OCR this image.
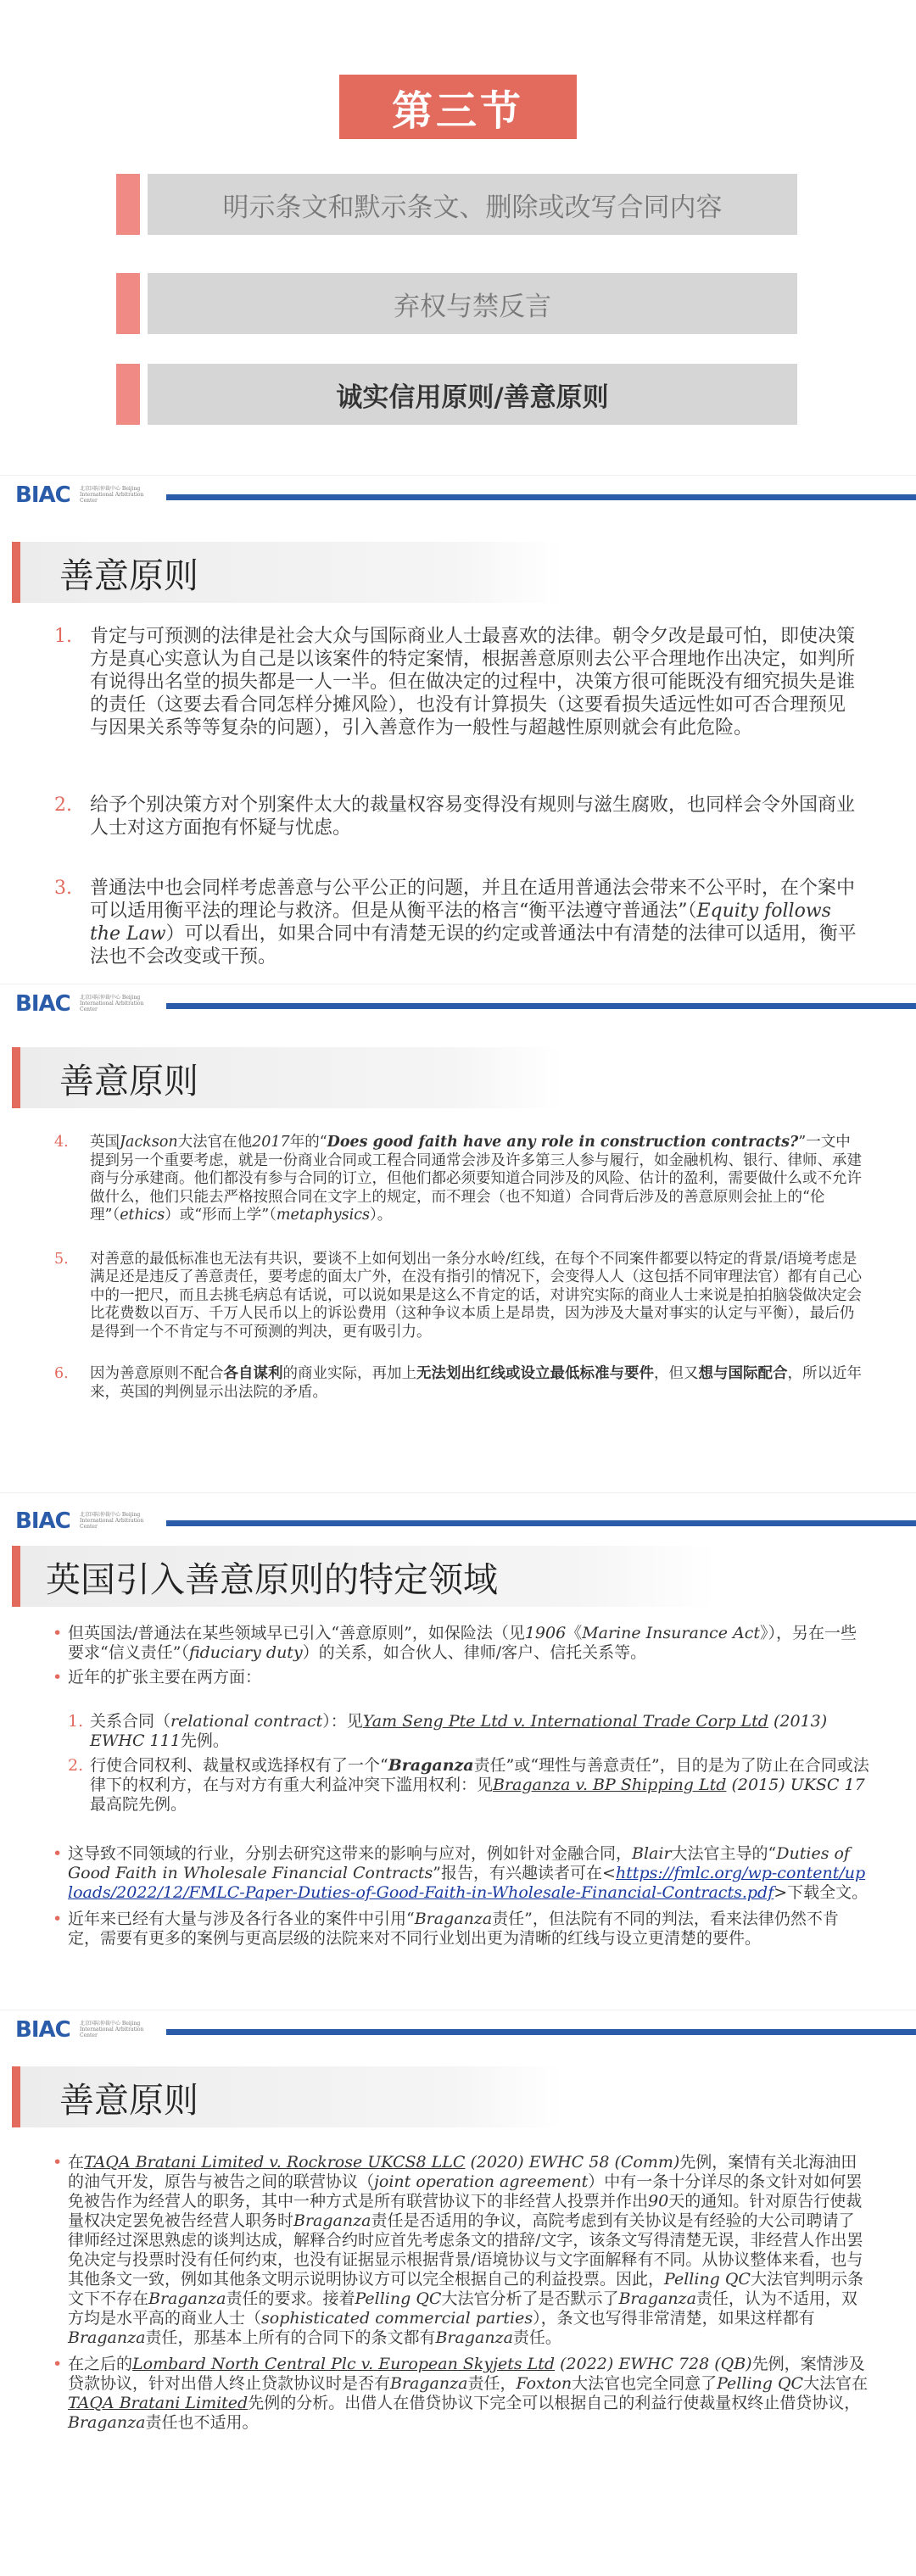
第三节
明示条文和默示条文、删除或改写合同内容
弃权与禁反言
诚实信用原则/善意原则
BIAC 北京国际仲裁中心 Beijing International Arbitration Center
善意原则
1. 肯定与可预测的法律是社会大众与国际商业人士最喜欢的法律。朝令夕改是最可怕，即使决策方是真心实意认为自己是以该案件的特定案情，根据善意原则去公平合理地作出决定，如判所有说得出名堂的损失都是一人一半。但在做决定的过程中，决策方很可能既没有细究损失是谁的责任（这要去看合同怎样分摊风险），也没有计算损失（这要看损失适远性如可否合理预见与因果关系等等复杂的问题），引入善意作为一般性与超越性原则就会有此危险。
2. 给予个别决策方对个别案件太大的裁量权容易变得没有规则与滋生腐败，也同样会令外国商业人士对这方面抱有怀疑与忧虑。
3. 普通法中也会同样考虑善意与公平公正的问题，并且在适用普通法会带来不公平时，在个案中可以适用衡平法的理论与救济。但是从衡平法的格言“衡平法遵守普通法”（Equity follows the Law）可以看出，如果合同中有清楚无误的约定或普通法中有清楚的法律可以适用，衡平法也不会改变或干预。
BIAC 北京国际仲裁中心 Beijing International Arbitration Center
善意原则
4. 英国Jackson大法官在他2017年的“Does good faith have any role in construction contracts?”一文中提到另一个重要考虑，就是一份商业合同或工程合同通常会涉及许多第三人参与履行，如金融机构、银行、律师、承建商与分承建商。他们都没有参与合同的订立，但他们都必须要知道合同涉及的风险、估计的盈利，需要做什么或不允许做什么，他们只能去严格按照合同在文字上的规定，而不理会（也不知道）合同背后涉及的善意原则会扯上的“伦理”（ethics）或“形而上学”（metaphysics）。
5. 对善意的最低标准也无法有共识，要谈不上如何划出一条分水岭/红线，在每个不同案件都要以特定的背景/语境考虑是满足还是违反了善意责任，要考虑的面太广外，在没有指引的情况下，会变得人人（这包括不同审理法官）都有自己心中的一把尺，而且去挑毛病总有话说，可以说如果是这么不肯定的话，对讲究实际的商业人士来说是拍拍脑袋做决定会比花费数以百万、千万人民币以上的诉讼费用（这种争议本质上是昂贵，因为涉及大量对事实的认定与平衡），最后仍是得到一个不肯定与不可预测的判决，更有吸引力。
6. 因为善意原则不配合各自谋利的商业实际，再加上无法划出红线或设立最低标准与要件，但又想与国际配合，所以近年来，英国的判例显示出法院的矛盾。
BIAC 北京国际仲裁中心 Beijing International Arbitration Center
英国引入善意原则的特定领域
• 但英国法/普通法在某些领域早已引入“善意原则”，如保险法（见1906《Marine Insurance Act》），另在一些要求“信义责任”（fiduciary duty）的关系，如合伙人、律师/客户、信托关系等。
• 近年的扩张主要在两方面：
1. 关系合同（relational contract）：见Yam Seng Pte Ltd v. International Trade Corp Ltd (2013) EWHC 111先例。
2. 行使合同权利、裁量权或选择权有了一个“Braganza责任”或“理性与善意责任”，目的是为了防止在合同或法律下的权利方，在与对方有重大利益冲突下滥用权利：见Braganza v. BP Shipping Ltd (2015) UKSC 17最高院先例。
• 这导致不同领域的行业，分别去研究这带来的影响与应对，例如针对金融合同，Blair大法官主导的“Duties of Good Faith in Wholesale Financial Contracts”报告，有兴趣读者可在<https://fmlc.org/wp-content/uploads/2022/12/FMLC-Paper-Duties-of-Good-Faith-in-Wholesale-Financial-Contracts.pdf>下载全文。
• 近年来已经有大量与涉及各行各业的案件中引用“Braganza责任”，但法院有不同的判法，看来法律仍然不肯定，需要有更多的案例与更高层级的法院来对不同行业划出更为清晰的红线与设立更清楚的要件。
BIAC 北京国际仲裁中心 Beijing International Arbitration Center
善意原则
• 在TAQA Bratani Limited v. Rockrose UKCS8 LLC (2020) EWHC 58 (Comm)先例，案情有关北海油田的油气开发，原告与被告之间的联营协议（joint operation agreement）中有一条十分详尽的条文针对如何罢免被告作为经营人的职务，其中一种方式是所有联营协议下的非经营人投票并作出90天的通知。针对原告行使裁量权决定罢免被告经营人职务时Braganza责任是否适用的争议，高院考虑到有关协议是有经验的大公司聘请了律师经过深思熟虑的谈判达成，解释合约时应首先考虑条文的措辞/文字，该条文写得清楚无误，非经营人作出罢免决定与投票时没有任何约束，也没有证据显示根据背景/语境协议与文字面解释有不同。从协议整体来看，也与其他条文一致，例如其他条文明示说明协议方可以完全根据自己的利益投票。因此，Pelling QC大法官判明示条文下不存在Braganza责任的要求。接着Pelling QC大法官分析了是否默示了Braganza责任，认为不适用，双方均是水平高的商业人士（sophisticated commercial parties），条文也写得非常清楚，如果这样都有Braganza责任，那基本上所有的合同下的条文都有Braganza责任。
• 在之后的Lombard North Central Plc v. European Skyjets Ltd (2022) EWHC 728 (QB)先例，案情涉及贷款协议，针对出借人终止贷款协议时是否有Braganza责任，Foxton大法官也完全同意了Pelling QC大法官在TAQA Bratani Limited先例的分析。出借人在借贷协议下完全可以根据自己的利益行使裁量权终止借贷协议，Braganza责任也不适用。
